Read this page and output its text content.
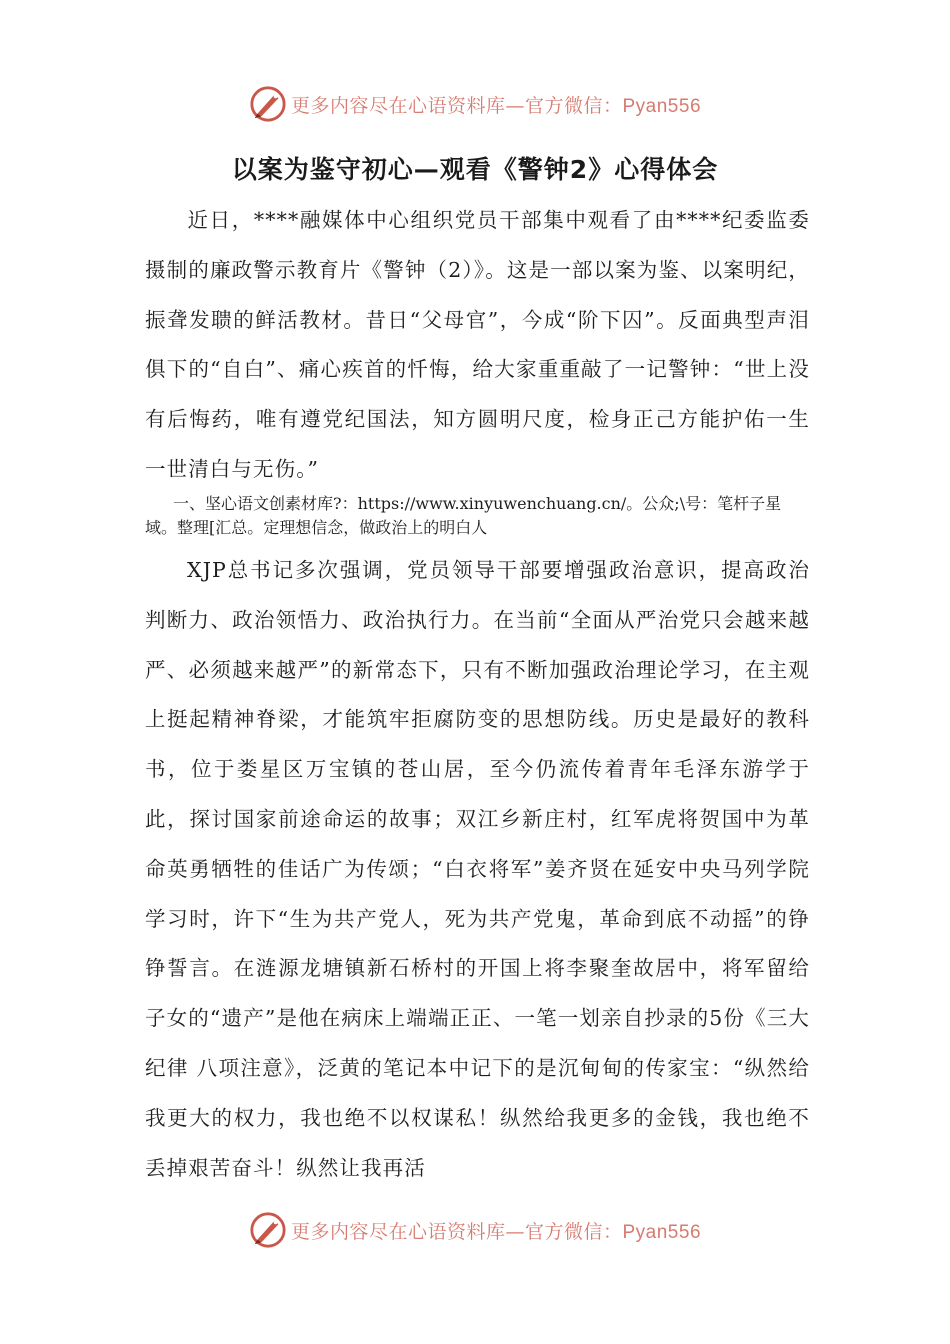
更多内容尽在心语资料库—官方微信：Pyan556
以案为鉴守初心—观看《警钟2》心得体会

近日，****融媒体中心组织党员干部集中观看了由****纪委监委摄制的廉政警示教育片《警钟（2）》。这是一部以案为鉴、以案明纪，振聋发聩的鲜活教材。昔日“父母官”，今成“阶下囚”。反面典型声泪俱下的“自白”、痛心疾首的忏悔，给大家重重敲了一记警钟：“世上没有后悔药，唯有遵党纪国法，知方圆明尺度，检身正己方能护佑一生一世清白与无伤。”

一、坚心语文创素材库?：https://www.xinyuwenchuang.cn/。公众;\号：笔杆子星域。整理[汇总。定理想信念，做政治上的明白人

XJP总书记多次强调，党员领导干部要增强政治意识，提高政治判断力、政治领悟力、政治执行力。在当前“全面从严治党只会越来越严、必须越来越严”的新常态下，只有不断加强政治理论学习，在主观上挺起精神脊梁，才能筑牢拒腐防变的思想防线。历史是最好的教科书，位于娄星区万宝镇的苍山居，至今仍流传着青年毛泽东游学于此，探讨国家前途命运的故事；双江乡新庄村，红军虎将贺国中为革命英勇牺牲的佳话广为传颂；“白衣将军”姜齐贤在延安中央马列学院学习时，许下“生为共产党人，死为共产党鬼，革命到底不动摇”的铮铮誓言。在涟源龙塘镇新石桥村的开国上将李聚奎故居中，将军留给子女的“遗产”是他在病床上端端正正、一笔一划亲自抄录的5份《三大纪律 八项注意》，泛黄的笔记本中记下的是沉甸甸的传家宝：“纵然给我更大的权力，我也绝不以权谋私！纵然给我更多的金钱，我也绝不丢掉艰苦奋斗！纵然让我再活

更多内容尽在心语资料库—官方微信：Pyan556
